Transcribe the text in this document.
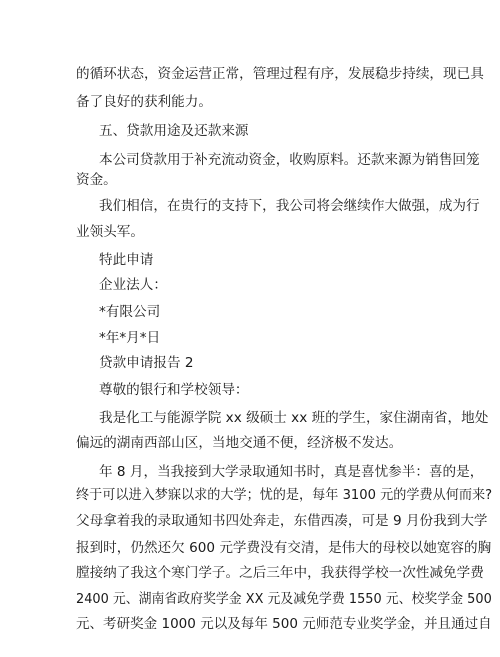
的循环状态，资金运营正常，管理过程有序，发展稳步持续，现已具
备了良好的获利能力。
五、贷款用途及还款来源
本公司贷款用于补充流动资金，收购原料。还款来源为销售回笼
资金。
我们相信，在贵行的支持下，我公司将会继续作大做强，成为行
业领头军。
特此申请
企业法人：
*有限公司
*年*月*日
贷款申请报告 2
尊敬的银行和学校领导：
我是化工与能源学院 xx 级硕士 xx 班的学生，家住湖南省，地处
偏远的湖南西部山区，当地交通不便，经济极不发达。
年 8 月，当我接到大学录取通知书时，真是喜忧参半：喜的是，
终于可以进入梦寐以求的大学；忧的是，每年 3100 元的学费从何而来?
父母拿着我的录取通知书四处奔走，东借西凑，可是 9 月份我到大学
报到时，仍然还欠 600 元学费没有交清，是伟大的母校以她宽容的胸
膛接纳了我这个寒门学子。之后三年中，我获得学校一次性减免学费
2400 元、湖南省政府奖学金 XX 元及减免学费 1550 元、校奖学金 500
元、考研奖金 1000 元以及每年 500 元师范专业奖学金，并且通过自
